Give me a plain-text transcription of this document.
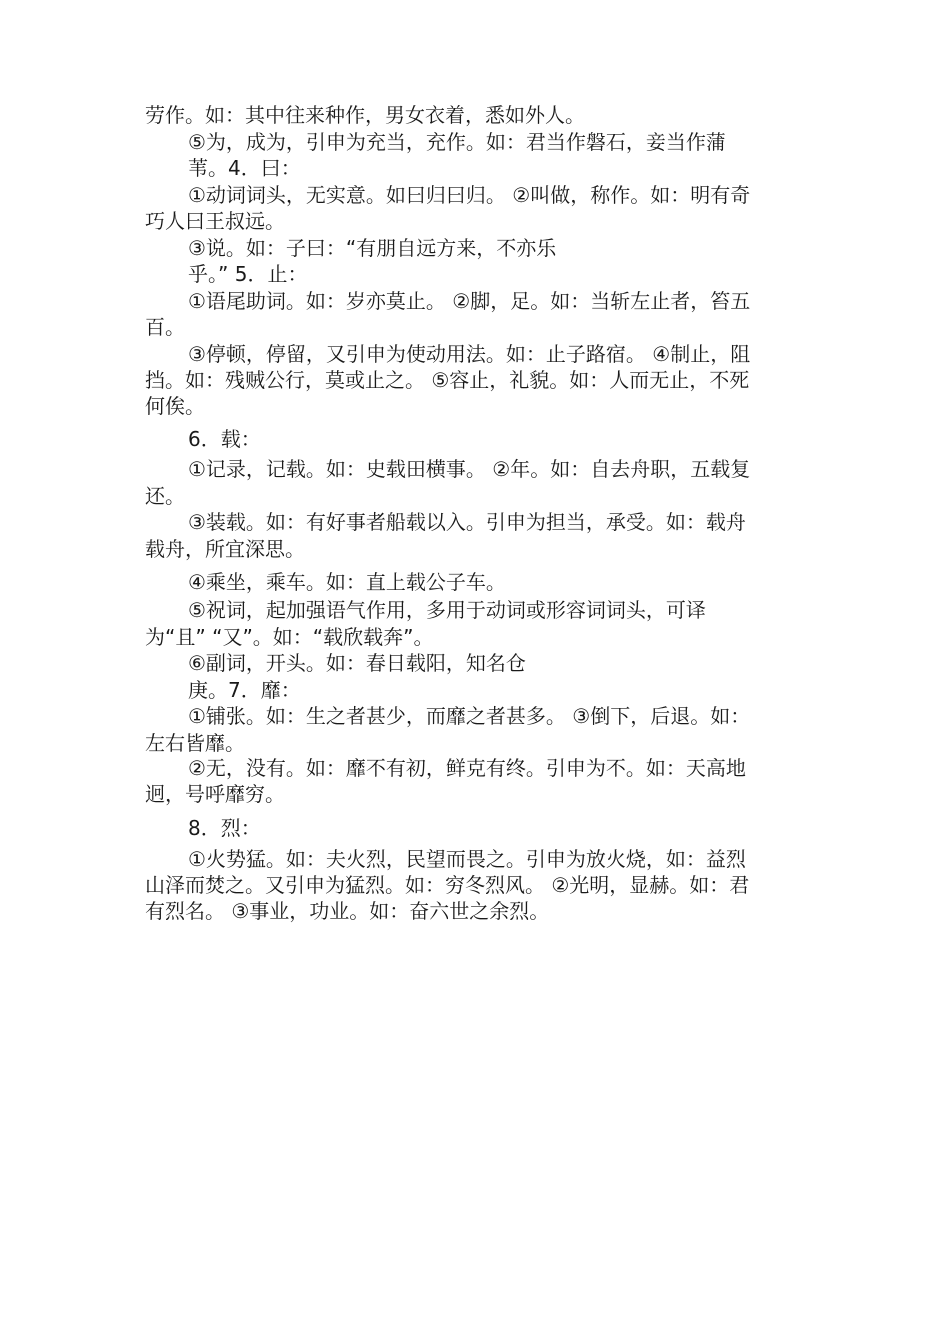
劳作。如：其中往来种作，男女衣着，悉如外人。
⑤为，成为，引申为充当，充作。如：君当作磐石，妾当作蒲
苇。4．曰：
①动词词头，无实意。如曰归曰归。 ②叫做，称作。如：明有奇
巧人曰王叔远。
③说。如：子曰：“有朋自远方来，不亦乐
乎。” 5．止：
①语尾助词。如：岁亦莫止。 ②脚，足。如：当斩左止者，笞五
百。
③停顿，停留，又引申为使动用法。如：止子路宿。 ④制止，阻
挡。如：残贼公行，莫或止之。 ⑤容止，礼貌。如：人而无止，不死
何俟。
6．载：
①记录，记载。如：史载田横事。 ②年。如：自去舟职，五载复
还。
③装载。如：有好事者船载以入。引申为担当，承受。如：载舟
载舟，所宜深思。
④乘坐，乘车。如：直上载公子车。
⑤祝词，起加强语气作用，多用于动词或形容词词头，可译
为“且” “又”。如：“载欣载奔”。
⑥副词，开头。如：春日载阳，知名仓
庚。7．靡：
①铺张。如：生之者甚少，而靡之者甚多。 ③倒下，后退。如：
左右皆靡。
②无，没有。如：靡不有初，鲜克有终。引申为不。如：天高地
迥，号呼靡穷。
8．烈：
①火势猛。如：夫火烈，民望而畏之。引申为放火烧，如：益烈
山泽而焚之。又引申为猛烈。如：穷冬烈风。 ②光明，显赫。如：君
有烈名。 ③事业，功业。如：奋六世之余烈。
